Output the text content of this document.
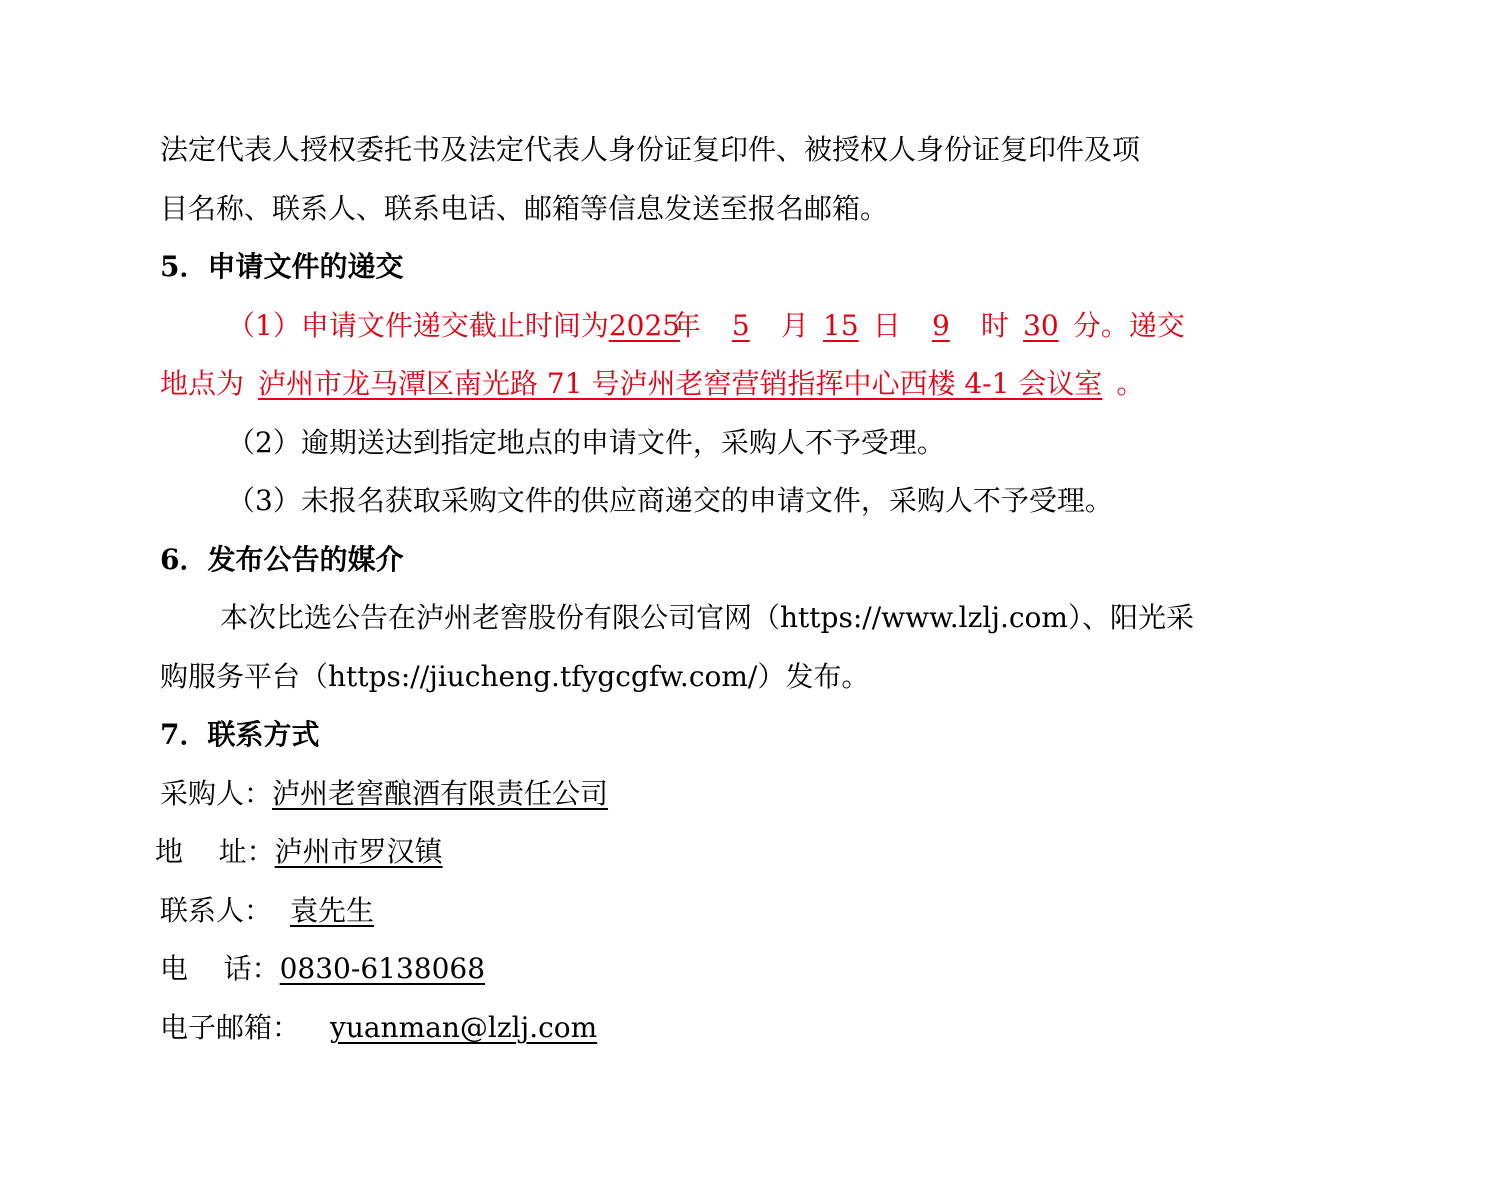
法定代表人授权委托书及法定代表人身份证复印件、被授权人身份证复印件及项
目名称、联系人、联系电话、邮箱等信息发送至报名邮箱。
5．申请文件的递交
（1）申请文件递交截止时间为2025年 5 月 15 日 9 时 30 分。递交
地点为 泸州市龙马潭区南光路 71 号泸州老窖营销指挥中心西楼 4-1 会议室 。
（2）逾期送达到指定地点的申请文件，采购人不予受理。
（3）未报名获取采购文件的供应商递交的申请文件，采购人不予受理。
6．发布公告的媒介
本次比选公告在泸州老窖股份有限公司官网（https://www.lzlj.com）、阳光采
购服务平台（https://jiucheng.tfygcgfw.com/）发布。
7．联系方式
采购人：泸州老窖酿酒有限责任公司
地    址：泸州市罗汉镇
联系人： 袁先生
电    话：0830-6138068
电子邮箱： yuanman@lzlj.com
